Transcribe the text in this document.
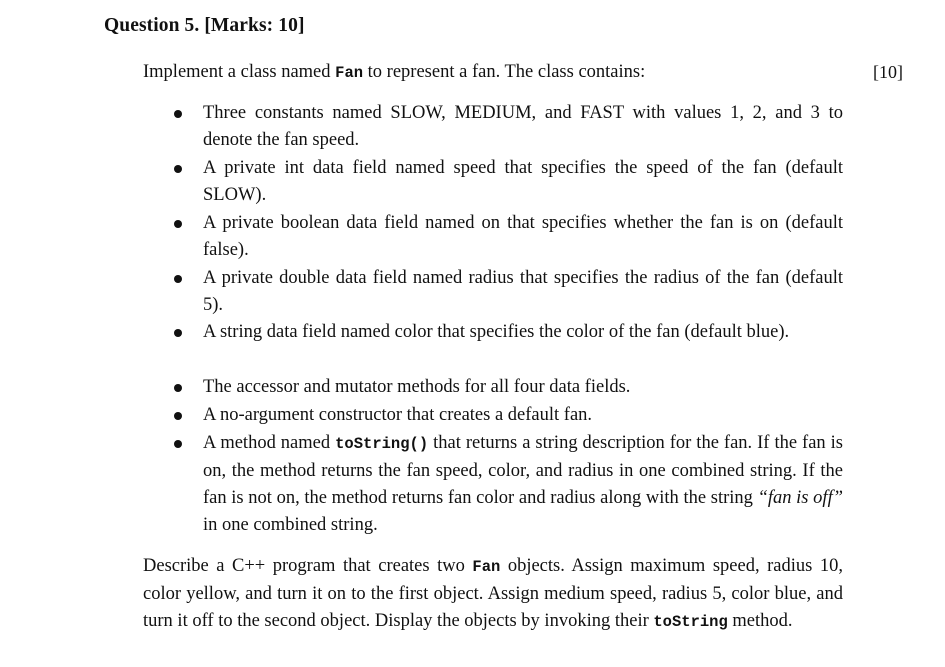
Question 5. [Marks: 10]
Implement a class named Fan to represent a fan. The class contains:	[10]
Three constants named SLOW, MEDIUM, and FAST with values 1, 2, and 3 to denote the fan speed.
A private int data field named speed that specifies the speed of the fan (default SLOW).
A private boolean data field named on that specifies whether the fan is on (default false).
A private double data field named radius that specifies the radius of the fan (default 5).
A string data field named color that specifies the color of the fan (default blue).
The accessor and mutator methods for all four data fields.
A no-argument constructor that creates a default fan.
A method named toString() that returns a string description for the fan. If the fan is on, the method returns the fan speed, color, and radius in one combined string. If the fan is not on, the method returns fan color and radius along with the string “fan is off” in one combined string.
Describe a C++ program that creates two Fan objects. Assign maximum speed, radius 10, color yellow, and turn it on to the first object. Assign medium speed, radius 5, color blue, and turn it off to the second object. Display the objects by invoking their toString method.
